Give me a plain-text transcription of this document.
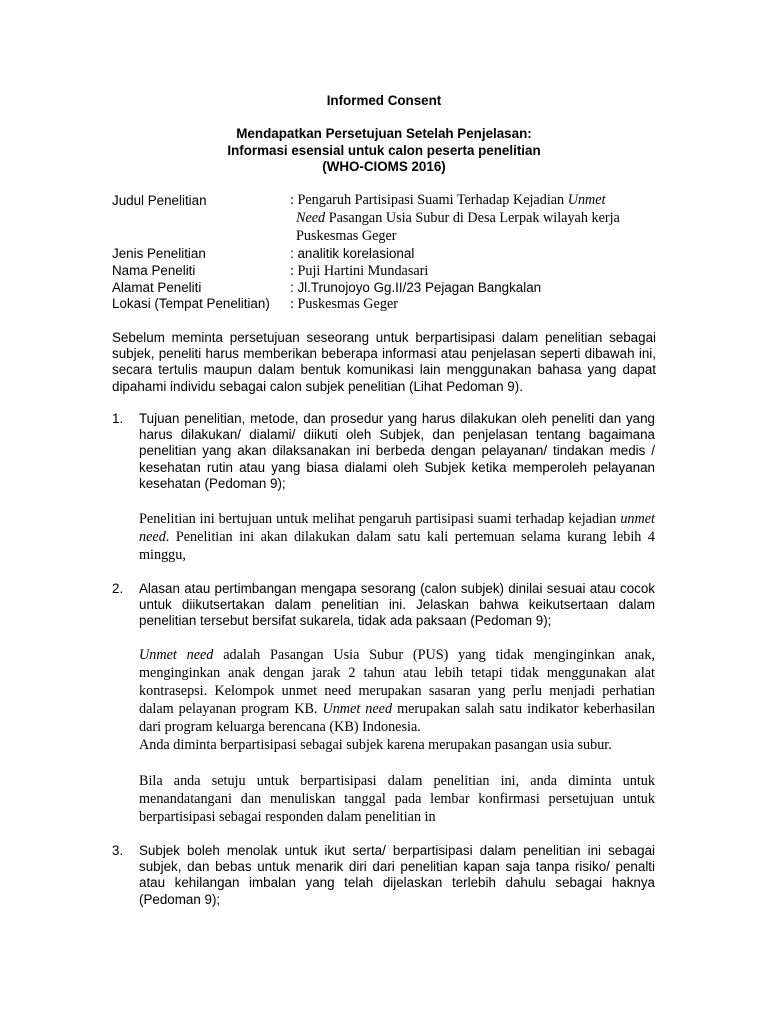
Informed Consent
Mendapatkan Persetujuan Setelah Penjelasan:
Informasi esensial untuk calon peserta penelitian
(WHO-CIOMS 2016)
Judul Penelitian	: Pengaruh Partisipasi Suami Terhadap Kejadian Unmet
Need Pasangan Usia Subur di Desa Lerpak wilayah kerja
Puskesmas Geger
Jenis Penelitian	: analitik korelasional
Nama Peneliti	: Puji Hartini Mundasari
Alamat Peneliti	: Jl.Trunojoyo Gg.II/23 Pejagan Bangkalan
Lokasi (Tempat Penelitian) : Puskesmas Geger
Sebelum meminta persetujuan seseorang untuk berpartisipasi dalam penelitian sebagai subjek, peneliti harus memberikan beberapa informasi atau penjelasan seperti dibawah ini, secara tertulis maupun dalam bentuk komunikasi lain menggunakan bahasa yang dapat dipahami individu sebagai calon subjek penelitian (Lihat Pedoman 9).
1. Tujuan penelitian, metode, dan prosedur yang harus dilakukan oleh peneliti dan yang harus dilakukan/ dialami/ diikuti oleh Subjek, dan penjelasan tentang bagaimana penelitian yang akan dilaksanakan ini berbeda dengan pelayanan/ tindakan medis / kesehatan rutin atau yang biasa dialami oleh Subjek ketika memperoleh pelayanan kesehatan (Pedoman 9);
Penelitian ini bertujuan untuk melihat pengaruh partisipasi suami terhadap kejadian unmet need. Penelitian ini akan dilakukan dalam satu kali pertemuan selama kurang lebih 4 minggu,
2. Alasan atau pertimbangan mengapa sesorang (calon subjek) dinilai sesuai atau cocok untuk diikutsertakan dalam penelitian ini. Jelaskan bahwa keikutsertaan dalam penelitian tersebut bersifat sukarela, tidak ada paksaan (Pedoman 9);
Unmet need adalah Pasangan Usia Subur (PUS) yang tidak menginginkan anak, menginginkan anak dengan jarak 2 tahun atau lebih tetapi tidak menggunakan alat kontrasepsi. Kelompok unmet need merupakan sasaran yang perlu menjadi perhatian dalam pelayanan program KB. Unmet need merupakan salah satu indikator keberhasilan dari program keluarga berencana (KB) Indonesia.
Anda diminta berpartisipasi sebagai subjek karena merupakan pasangan usia subur.
Bila anda setuju untuk berpartisipasi dalam penelitian ini, anda diminta untuk menandatangani dan menuliskan tanggal pada lembar konfirmasi persetujuan untuk berpartisipasi sebagai responden dalam penelitian in
3. Subjek boleh menolak untuk ikut serta/ berpartisipasi dalam penelitian ini sebagai subjek, dan bebas untuk menarik diri dari penelitian kapan saja tanpa risiko/ penalti atau kehilangan imbalan yang telah dijelaskan terlebih dahulu sebagai haknya (Pedoman 9);
